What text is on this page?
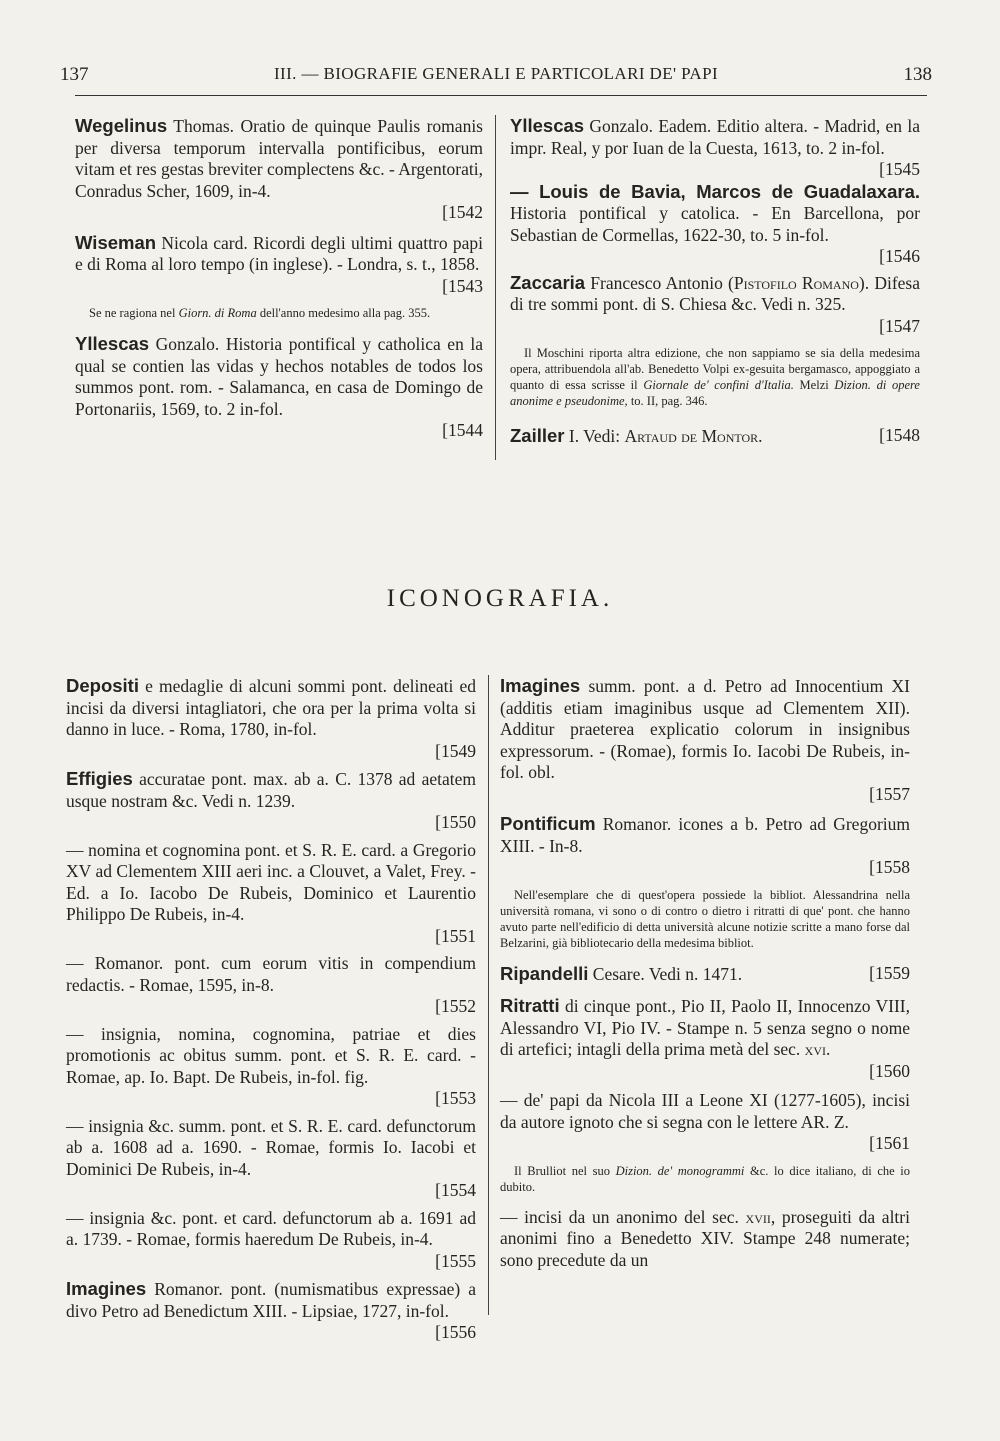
137	III. — BIOGRAFIE GENERALI E PARTICOLARI DE' PAPI	138
Wegelinus Thomas. Oratio de quinque Paulis romanis per diversa temporum intervalla pontificibus, eorum vitam et res gestas breviter complectens &c. - Argentorati, Conradus Scher, 1609, in-4.
[1542
Wiseman Nicola card. Ricordi degli ultimi quattro papi e di Roma al loro tempo (in inglese). - Londra, s. t., 1858.
[1543
Se ne ragiona nel Giorn. di Roma dell'anno medesimo alla pag. 355.
Yllescas Gonzalo. Historia pontifical y catholica en la qual se contien las vidas y hechos notables de todos los summos pont. rom. - Salamanca, en casa de Domingo de Portonariis, 1569, to. 2 in-fol.
[1544
Yllescas Gonzalo. Eadem. Editio altera. - Madrid, en la impr. Real, y por Iuan de la Cuesta, 1613, to. 2 in-fol.
[1545
— Louis de Bavia, Marcos de Guadalaxara. Historia pontifical y catolica. - En Barcellona, por Sebastian de Cormellas, 1622-30, to. 5 in-fol.
[1546
Zaccaria Francesco Antonio (Pistofilo Romano). Difesa di tre sommi pont. di S. Chiesa &c. Vedi n. 325.
[1547
Il Moschini riporta altra edizione, che non sappiamo se sia della medesima opera, attribuendola all'ab. Benedetto Volpi ex-gesuita bergamasco, appoggiato a quanto di essa scrisse il Giornale de' confini d'Italia. Melzi Dizion. di opere anonime e pseudonime, to. II, pag. 346.
Zailler I. Vedi: Artaud de Montor.	[1548
ICONOGRAFIA.
Depositi e medaglie di alcuni sommi pont. delineati ed incisi da diversi intagliatori, che ora per la prima volta si danno in luce. - Roma, 1780, in-fol.
[1549
Effigies accuratae pont. max. ab a. C. 1378 ad aetatem usque nostram &c. Vedi n. 1239.
[1550
— nomina et cognomina pont. et S. R. E. card. a Gregorio XV ad Clementem XIII aeri inc. a Clouvet, a Valet, Frey. - Ed. a Io. Iacobo De Rubeis, Dominico et Laurentio Philippo De Rubeis, in-4.
[1551
— Romanor. pont. cum eorum vitis in compendium redactis. - Romae, 1595, in-8.
[1552
— insignia, nomina, cognomina, patriae et dies promotionis ac obitus summ. pont. et S. R. E. card. - Romae, ap. Io. Bapt. De Rubeis, in-fol. fig.
[1553
— insignia &c. summ. pont. et S. R. E. card. defunctorum ab a. 1608 ad a. 1690. - Romae, formis Io. Iacobi et Dominici De Rubeis, in-4.
[1554
— insignia &c. pont. et card. defunctorum ab a. 1691 ad a. 1739. - Romae, formis haeredum De Rubeis, in-4.
[1555
Imagines Romanor. pont. (numismatibus expressae) a divo Petro ad Benedictum XIII. - Lipsiae, 1727, in-fol.
[1556
Imagines summ. pont. a d. Petro ad Innocentium XI (additis etiam imaginibus usque ad Clementem XII). Additur praeterea explicatio colorum in insignibus expressorum. - (Romae), formis Io. Iacobi De Rubeis, in-fol. obl.
[1557
Pontificum Romanor. icones a b. Petro ad Gregorium XIII. - In-8.
[1558
Nell'esemplare che di quest'opera possiede la bibliot. Alessandrina nella università romana, vi sono o di contro o dietro i ritratti di que' pont. che hanno avuto parte nell'edificio di detta università alcune notizie scritte a mano forse dal Belzarini, già bibliotecario della medesima bibliot.
Ripandelli Cesare. Vedi n. 1471.	[1559
Ritratti di cinque pont., Pio II, Paolo II, Innocenzo VIII, Alessandro VI, Pio IV. - Stampe n. 5 senza segno o nome di artefici; intagli della prima metà del sec. xvi.
[1560
— de' papi da Nicola III a Leone XI (1277-1605), incisi da autore ignoto che si segna con le lettere AR. Z.
[1561
Il Brulliot nel suo Dizion. de' monogrammi &c. lo dice italiano, di che io dubito.
— incisi da un anonimo del sec. xvii, proseguiti da altri anonimi fino a Benedetto XIV. Stampe 248 numerate; sono precedute da un
